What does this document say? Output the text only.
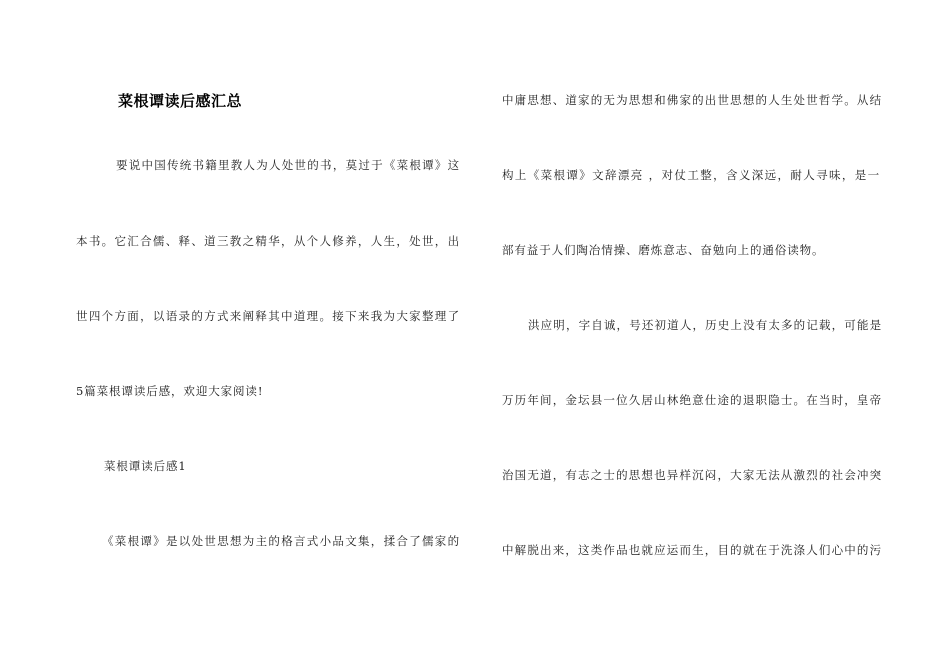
菜根谭读后感汇总
要说中国传统书籍里教人为人处世的书，莫过于《菜根谭》这
本书。它汇合儒、释、道三教之精华，从个人修养，人生，处世，出
世四个方面，以语录的方式来阐释其中道理。接下来我为大家整理了
5篇菜根谭读后感，欢迎大家阅读!
菜根谭读后感1
《菜根谭》是以处世思想为主的格言式小品文集，揉合了儒家的
中庸思想、道家的无为思想和佛家的出世思想的人生处世哲学。从结
构上《菜根谭》文辞漂亮 ，对仗工整，含义深远，耐人寻味，是一
部有益于人们陶冶情操、磨炼意志、奋勉向上的通俗读物。
洪应明，字自诚，号还初道人，历史上没有太多的记载，可能是
万历年间，金坛县一位久居山林绝意仕途的退职隐士。在当时，皇帝
治国无道，有志之士的思想也异样沉闷，大家无法从激烈的社会冲突
中解脱出来，这类作品也就应运而生，目的就在于洗涤人们心中的污
